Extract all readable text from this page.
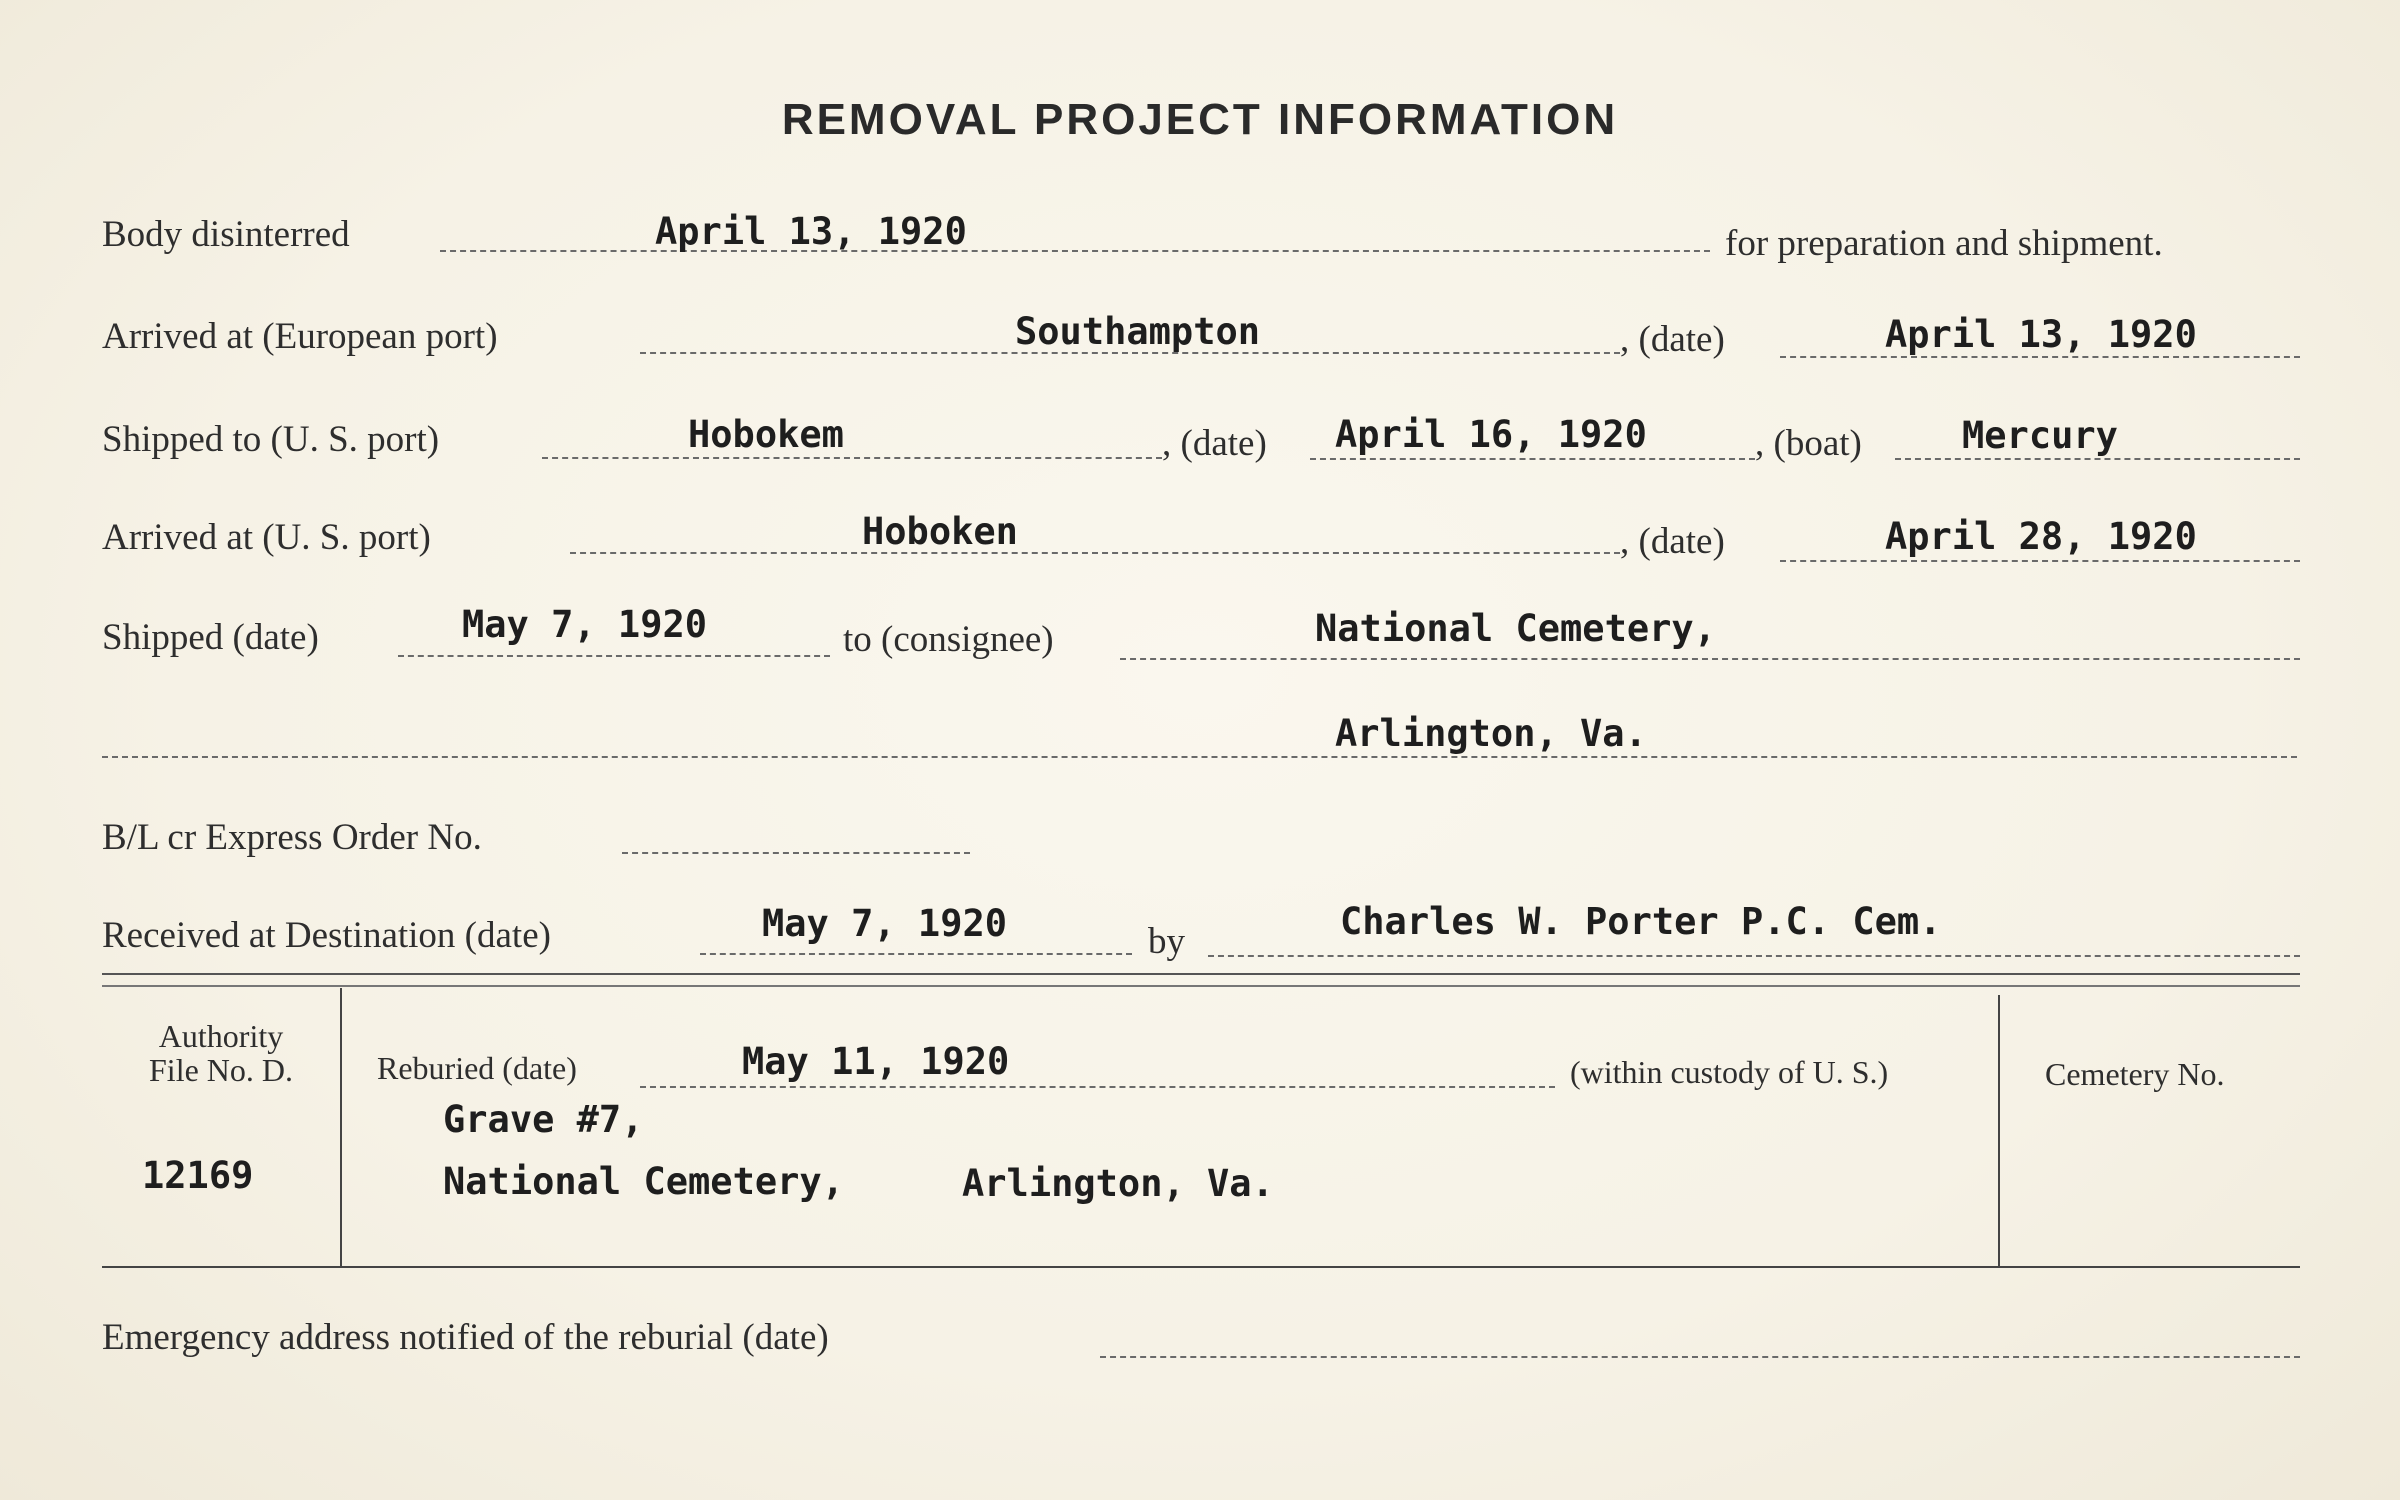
REMOVAL PROJECT INFORMATION
Body disinterred	April 13, 1920	for preparation and shipment.
Arrived at (European port)	Southampton	, (date)	April 13, 1920
Shipped to (U. S. port)	Hobokem	, (date) April 16, 1920	, (boat)	Mercury
Arrived at (U. S. port)	Hoboken	, (date)	April 28, 1920
Shipped (date)	May 7, 1920	to (consignee)	National Cemetery,
Arlington, Va.
B/L cr Express Order No.
Received at Destination (date)	May 7, 1920	by	Charles W. Porter P.C. Cem.
Authority
File No. D.
12169
Reburied (date)	May 11, 1920	(within custody of U. S.)
Grave #7,
National Cemetery,	Arlington, Va.
Cemetery No.
Emergency address notified of the reburial (date)
